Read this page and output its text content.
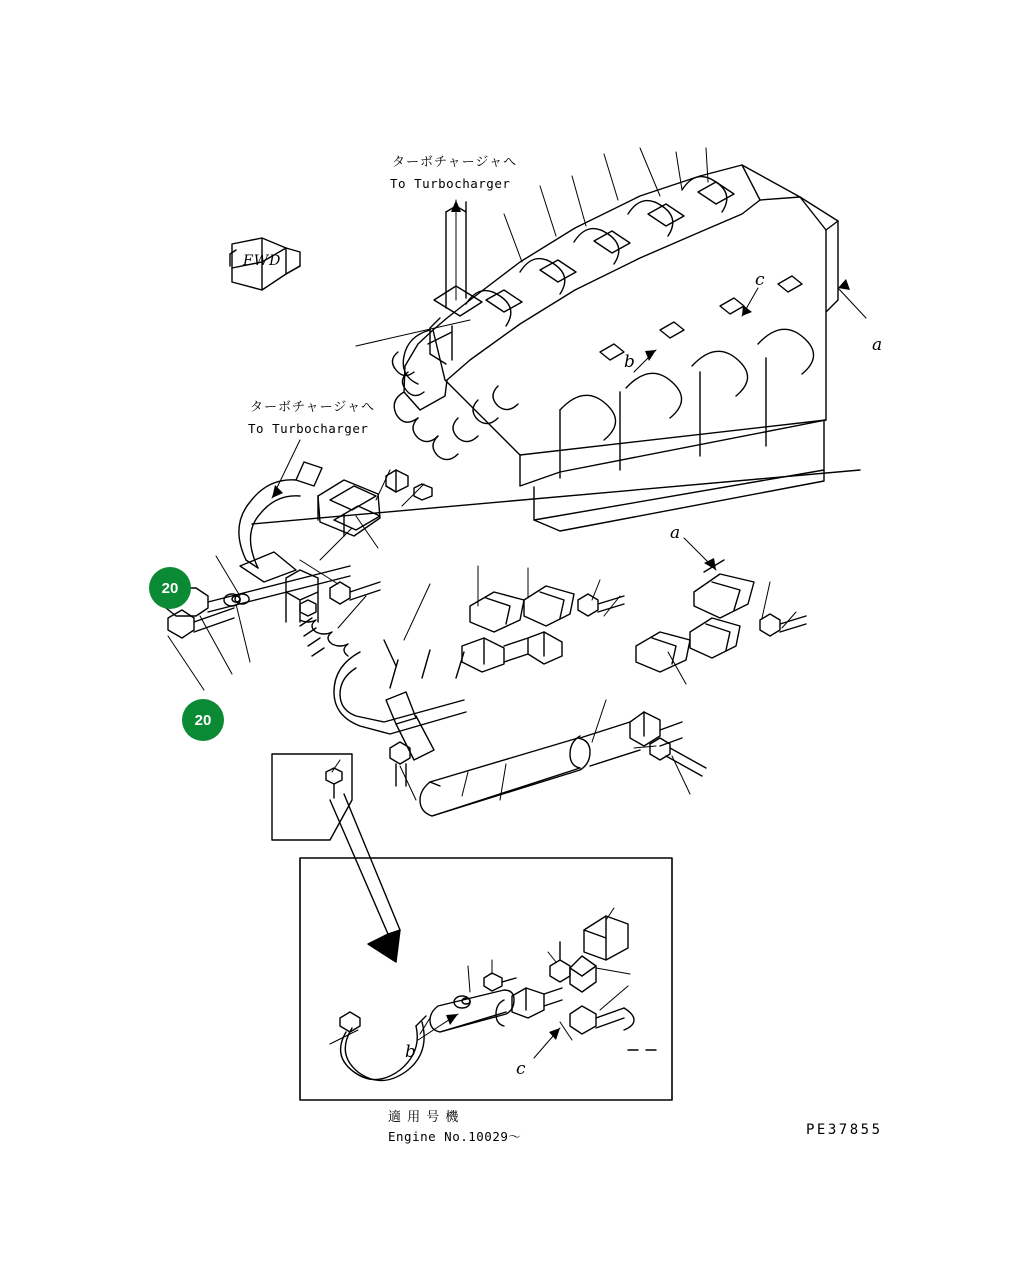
FWD
ターボチャージャへ
To Turbocharger
ターボチャージャへ
To Turbocharger
a
b
c
a
b
c
20
20
適 用 号 機
Engine No.10029〜	PE37855
